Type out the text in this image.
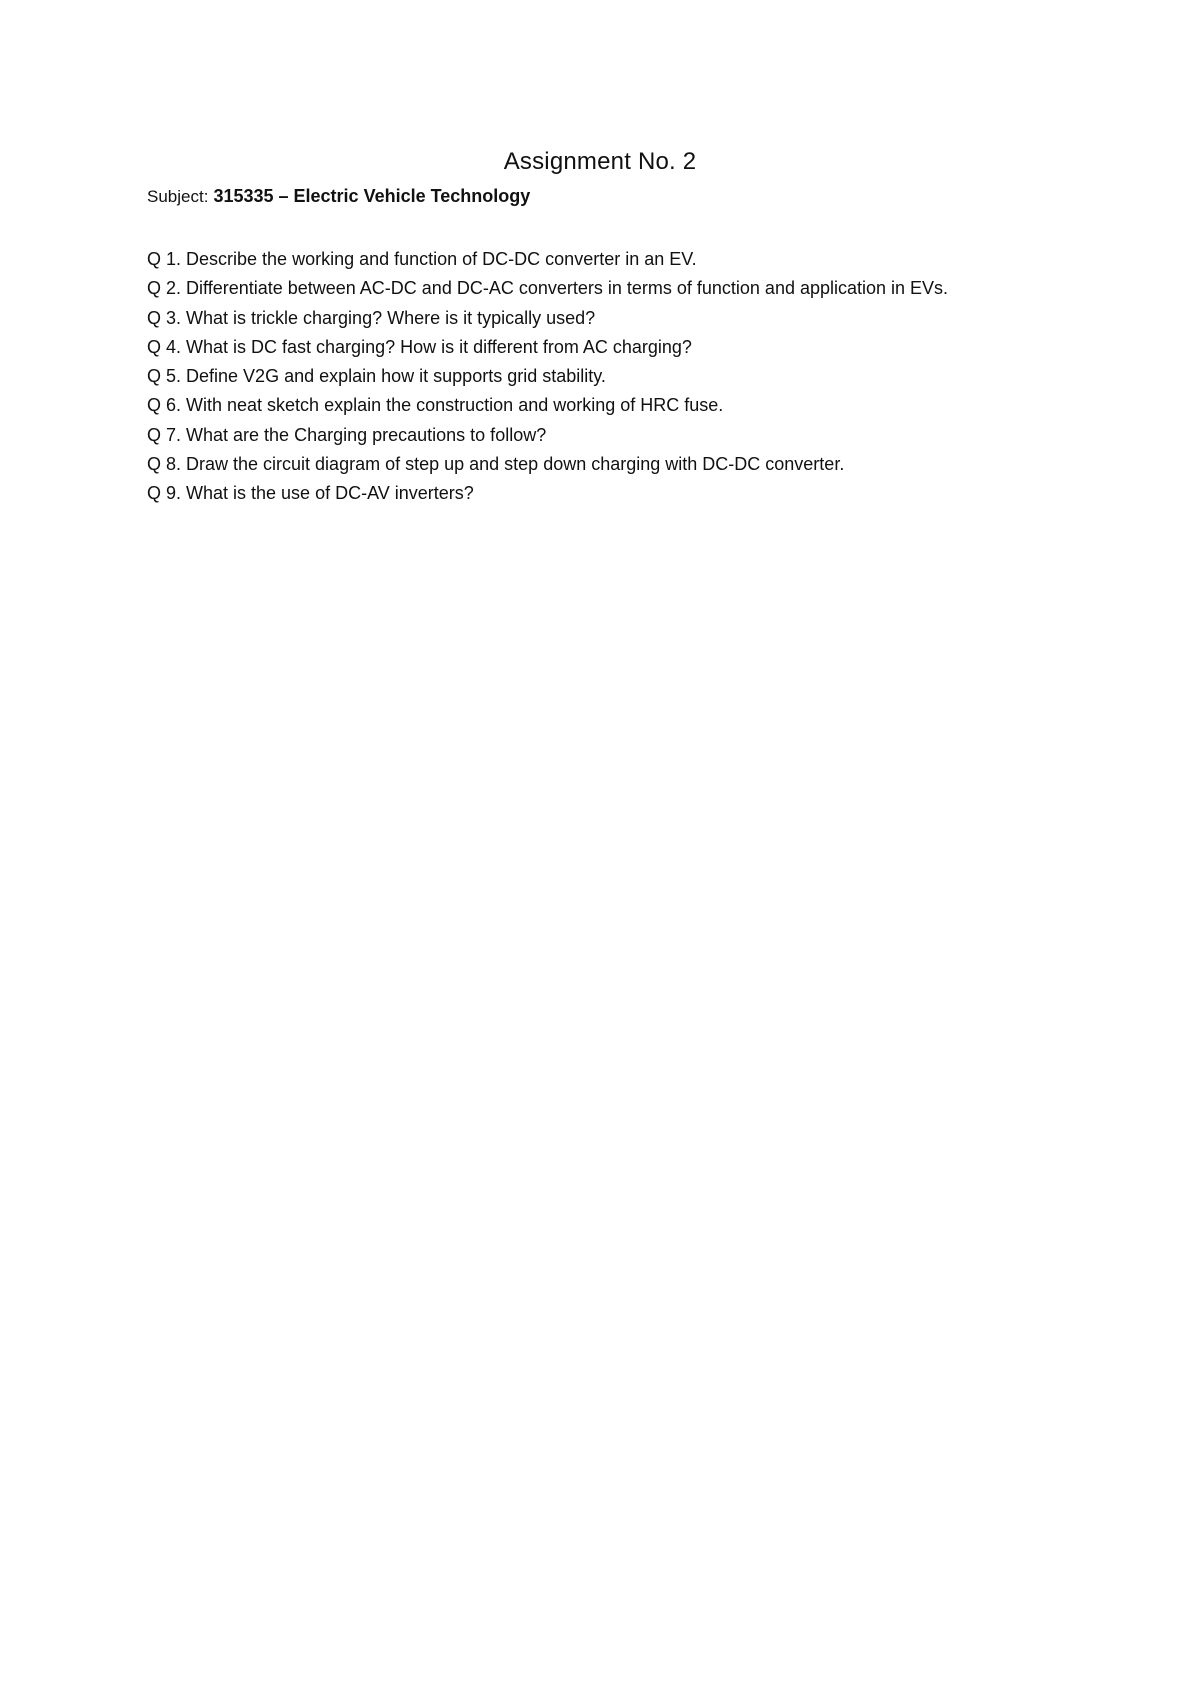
Assignment No. 2
Subject: 315335 – Electric Vehicle Technology
Q 1. Describe the working and function of DC-DC converter in an EV.
Q 2. Differentiate between AC-DC and DC-AC converters in terms of function and application in EVs.
Q 3. What is trickle charging? Where is it typically used?
Q 4. What is DC fast charging? How is it different from AC charging?
Q 5. Define V2G and explain how it supports grid stability.
Q 6. With neat sketch explain the construction and working of HRC fuse.
Q 7. What are the Charging precautions to follow?
Q 8. Draw the circuit diagram of step up and step down charging with DC-DC converter.
Q 9. What is the use of DC-AV inverters?
